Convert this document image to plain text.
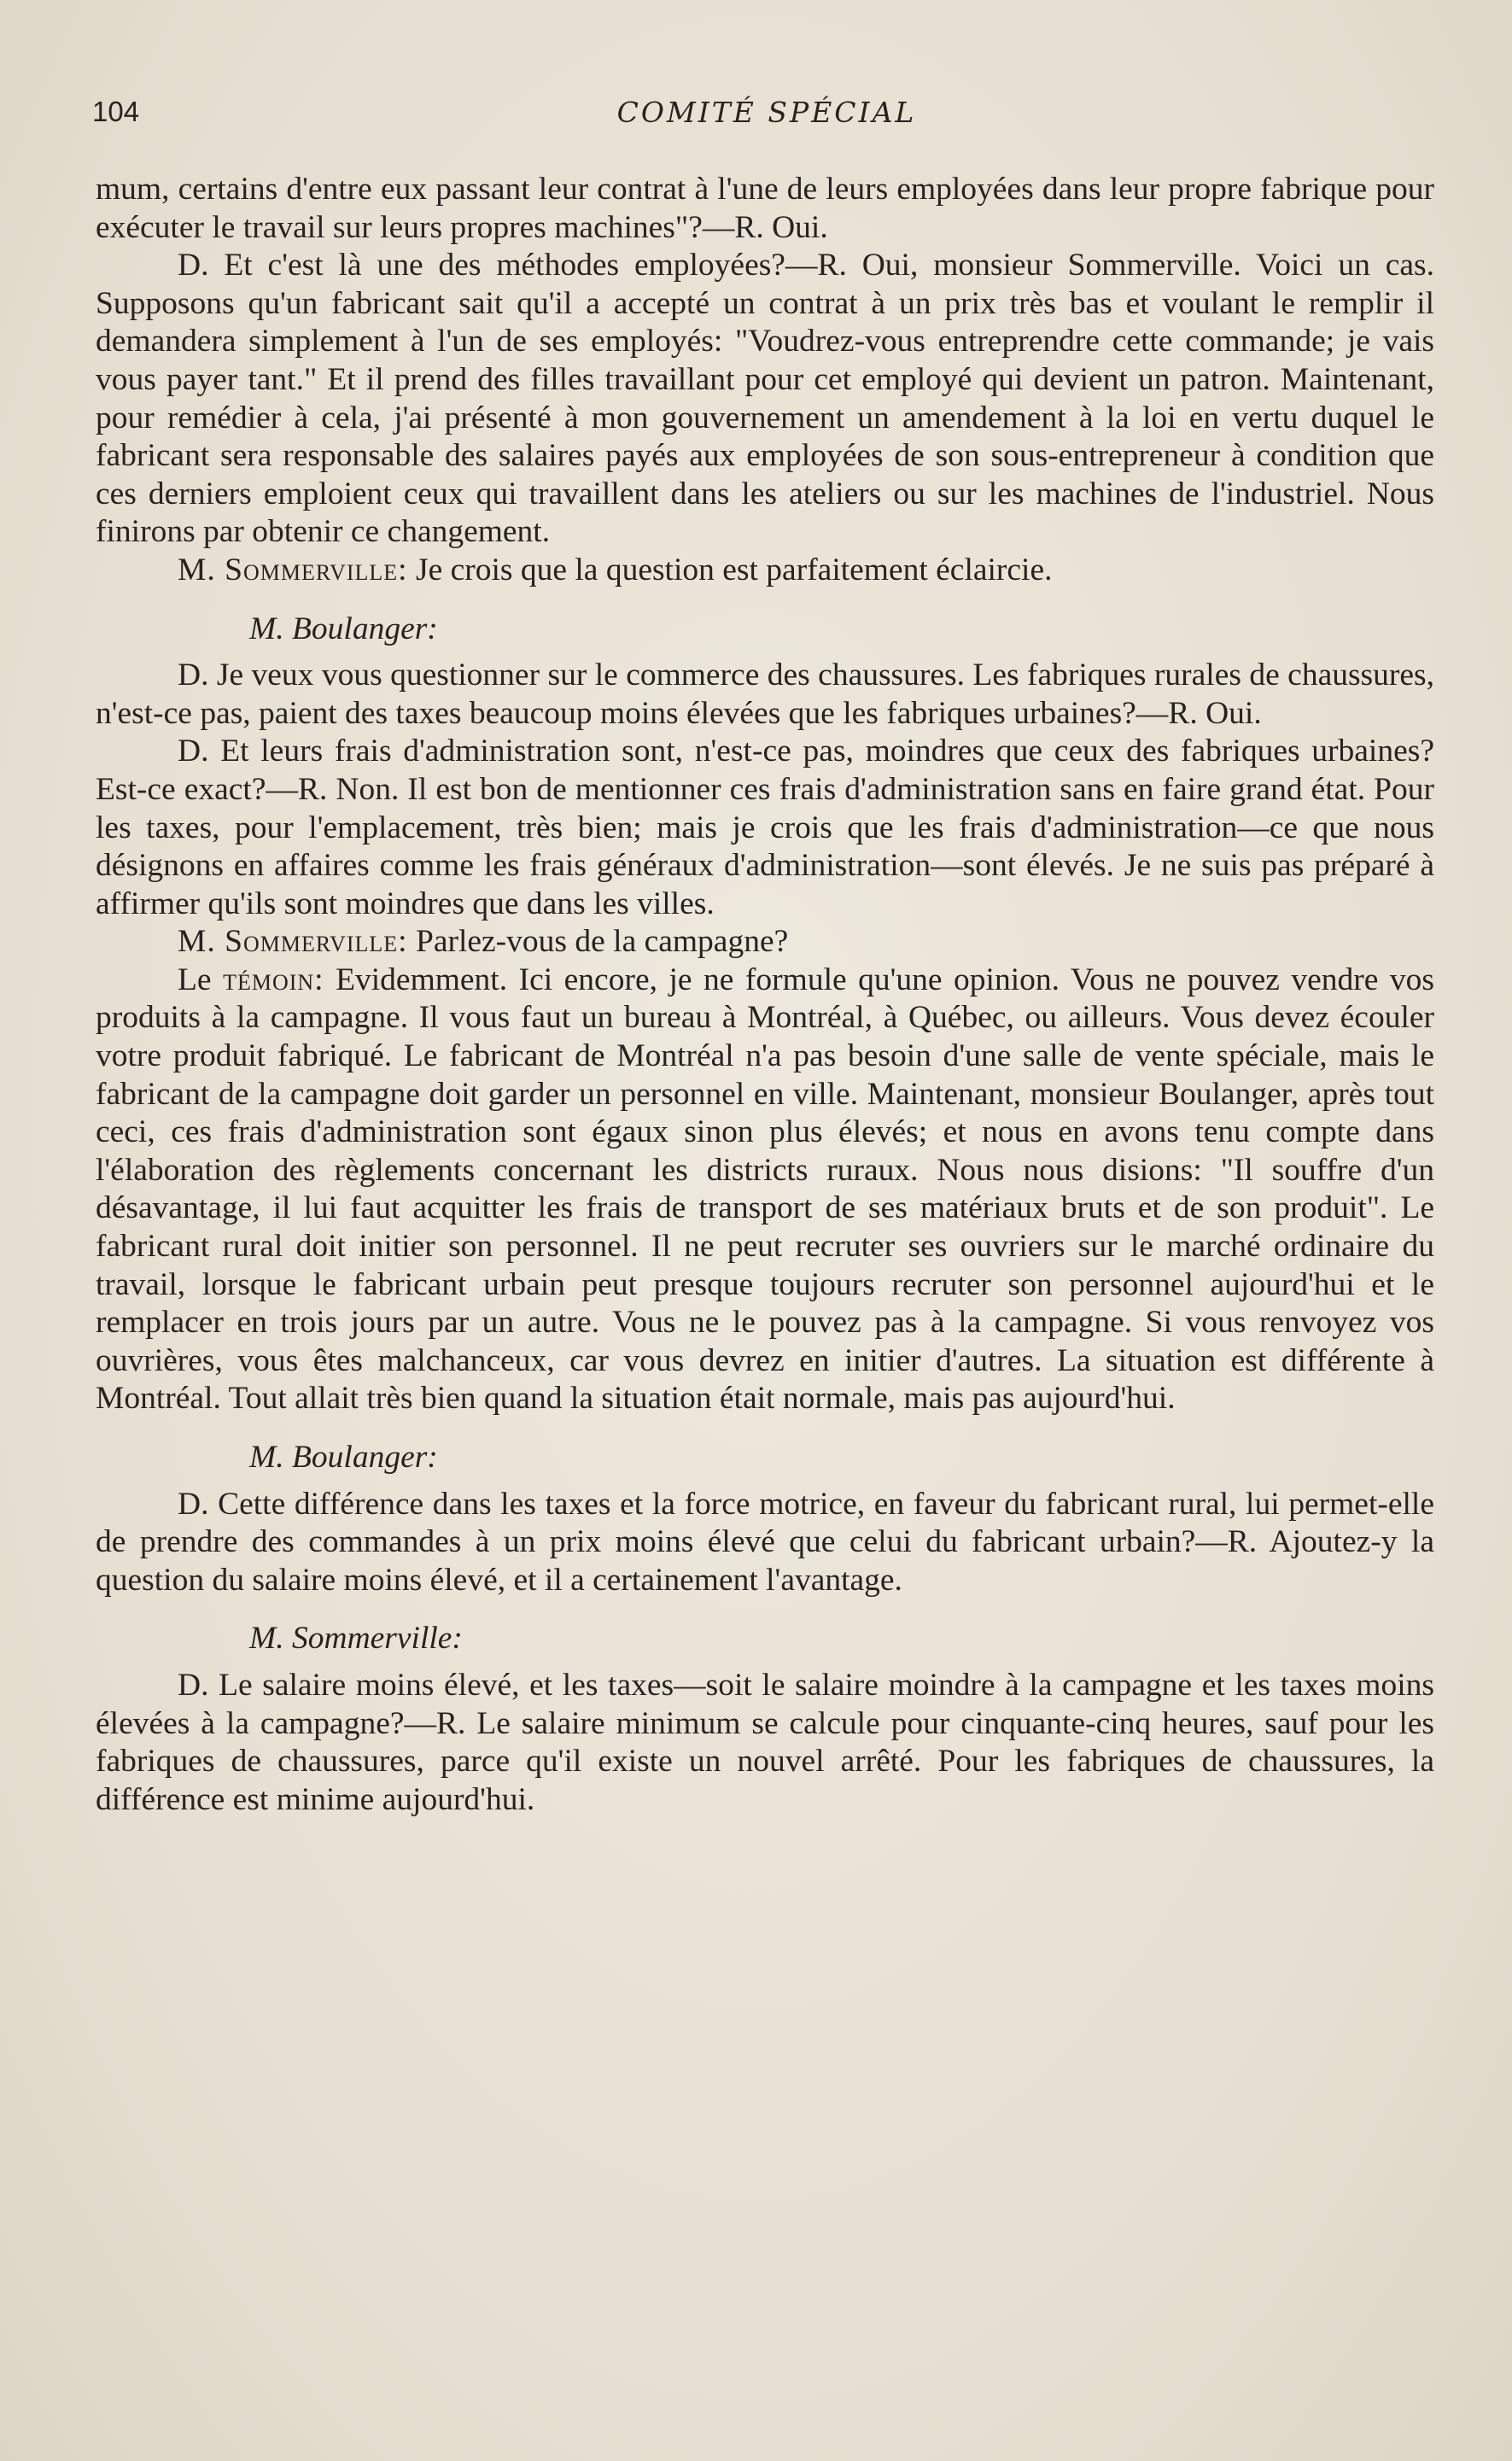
104	COMITÉ SPÉCIAL

mum, certains d'entre eux passant leur contrat à l'une de leurs employées dans leur propre fabrique pour exécuter le travail sur leurs propres machines"?—R. Oui.

D. Et c'est là une des méthodes employées?—R. Oui, monsieur Sommerville. Voici un cas. Supposons qu'un fabricant sait qu'il a accepté un contrat à un prix très bas et voulant le remplir il demandera simplement à l'un de ses employés: "Voudrez-vous entreprendre cette commande; je vais vous payer tant." Et il prend des filles travaillant pour cet employé qui devient un patron. Maintenant, pour remédier à cela, j'ai présenté à mon gouvernement un amendement à la loi en vertu duquel le fabricant sera responsable des salaires payés aux employées de son sous-entrepreneur à condition que ces derniers emploient ceux qui travaillent dans les ateliers ou sur les machines de l'industriel. Nous finirons par obtenir ce changement.

M. Sommerville: Je crois que la question est parfaitement éclaircie.

M. Boulanger:

D. Je veux vous questionner sur le commerce des chaussures. Les fabriques rurales de chaussures, n'est-ce pas, paient des taxes beaucoup moins élevées que les fabriques urbaines?—R. Oui.

D. Et leurs frais d'administration sont, n'est-ce pas, moindres que ceux des fabriques urbaines? Est-ce exact?—R. Non. Il est bon de mentionner ces frais d'administration sans en faire grand état. Pour les taxes, pour l'emplacement, très bien; mais je crois que les frais d'administration—ce que nous désignons en affaires comme les frais généraux d'administration—sont élevés. Je ne suis pas préparé à affirmer qu'ils sont moindres que dans les villes.

M. Sommerville: Parlez-vous de la campagne?

Le témoin: Evidemment. Ici encore, je ne formule qu'une opinion. Vous ne pouvez vendre vos produits à la campagne. Il vous faut un bureau à Montréal, à Québec, ou ailleurs. Vous devez écouler votre produit fabriqué. Le fabricant de Montréal n'a pas besoin d'une salle de vente spéciale, mais le fabricant de la campagne doit garder un personnel en ville. Maintenant, monsieur Boulanger, après tout ceci, ces frais d'administration sont égaux sinon plus élevés; et nous en avons tenu compte dans l'élaboration des règlements concernant les districts ruraux. Nous nous disions: "Il souffre d'un désavantage, il lui faut acquitter les frais de transport de ses matériaux bruts et de son produit". Le fabricant rural doit initier son personnel. Il ne peut recruter ses ouvriers sur le marché ordinaire du travail, lorsque le fabricant urbain peut presque toujours recruter son personnel aujourd'hui et le remplacer en trois jours par un autre. Vous ne le pouvez pas à la campagne. Si vous renvoyez vos ouvrières, vous êtes malchanceux, car vous devrez en initier d'autres. La situation est différente à Montréal. Tout allait très bien quand la situation était normale, mais pas aujourd'hui.

M. Boulanger:

D. Cette différence dans les taxes et la force motrice, en faveur du fabricant rural, lui permet-elle de prendre des commandes à un prix moins élevé que celui du fabricant urbain?—R. Ajoutez-y la question du salaire moins élevé, et il a certainement l'avantage.

M. Sommerville:

D. Le salaire moins élevé, et les taxes—soit le salaire moindre à la campagne et les taxes moins élevées à la campagne?—R. Le salaire minimum se calcule pour cinquante-cinq heures, sauf pour les fabriques de chaussures, parce qu'il existe un nouvel arrêté. Pour les fabriques de chaussures, la différence est minime aujourd'hui.
